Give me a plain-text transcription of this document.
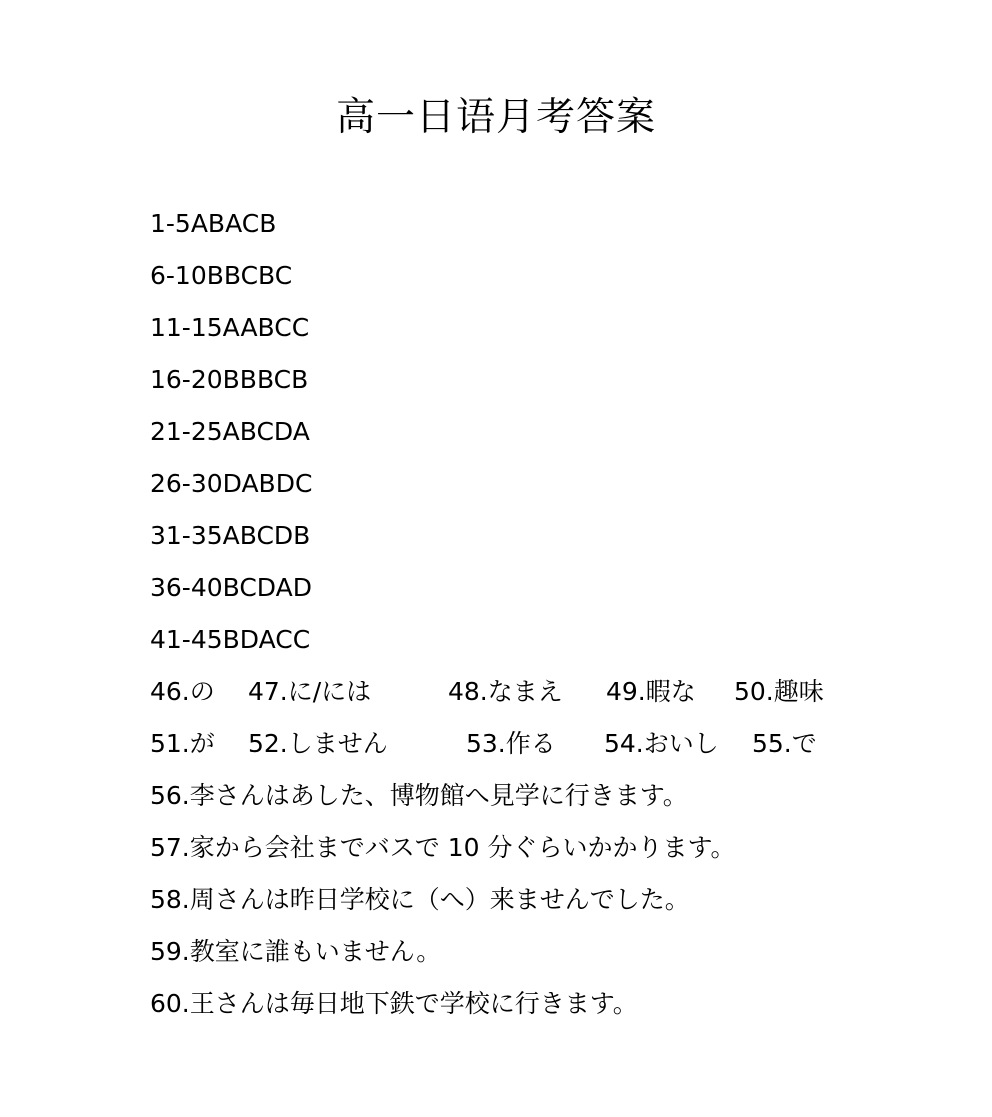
高一日语月考答案
1-5ABACB
6-10BBCBC
11-15AABCC
16-20BBBCB
21-25ABCDA
26-30DABDC
31-35ABCDB
36-40BCDAD
41-45BDACC
46.の 47.に/には	48.なまえ 49.暇な 50.趣味
51.が 52.しません	53.作る 54.おいし 55.で
56.李さんはあした、博物館へ見学に行きます。
57.家から会社までバスで 10 分ぐらいかかります。
58.周さんは昨日学校に（へ）来ませんでした。
59.教室に誰もいません。
60.王さんは毎日地下鉄で学校に行きます。
